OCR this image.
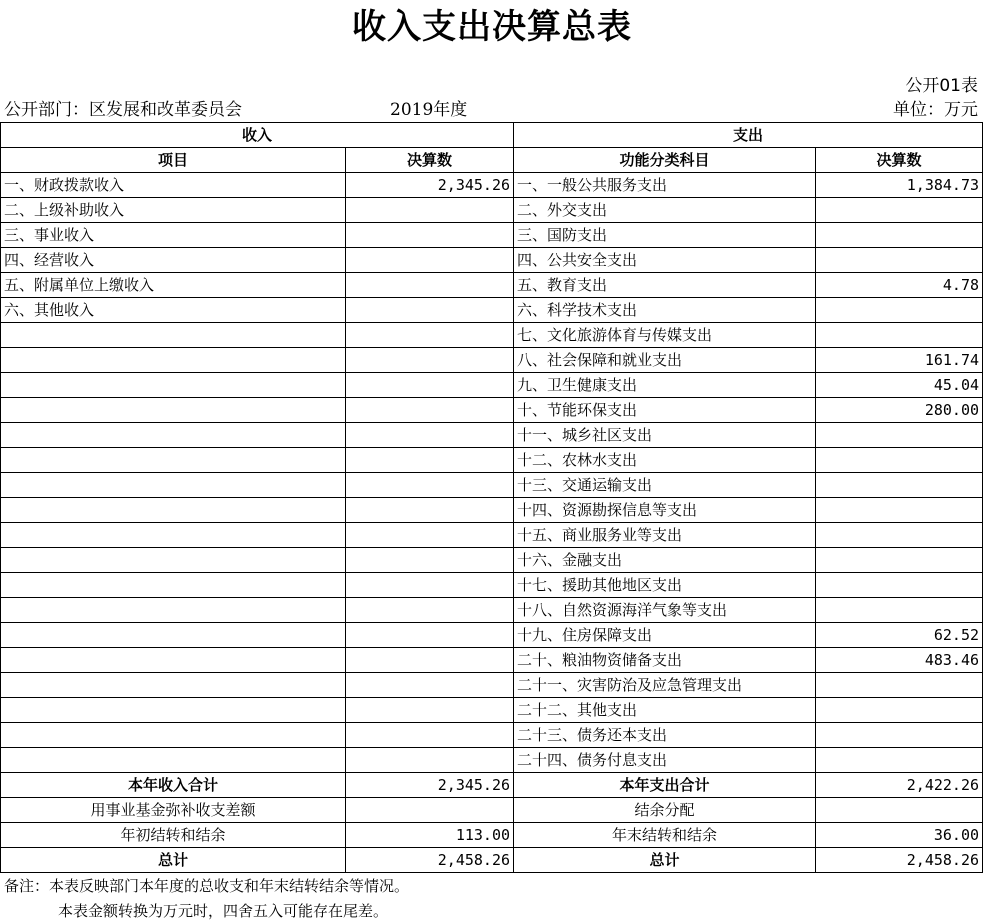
收入支出决算总表
公开01表
公开部门：区发展和改革委员会	2019年度	单位：万元
收入		支出	
项目	决算数	功能分类科目	决算数
一、财政拨款收入	2,345.26	一、一般公共服务支出	1,384.73
二、上级补助收入		二、外交支出	
三、事业收入		三、国防支出	
四、经营收入		四、公共安全支出	
五、附属单位上缴收入		五、教育支出	4.78
六、其他收入		六、科学技术支出	
		七、文化旅游体育与传媒支出	
		八、社会保障和就业支出	161.74
		九、卫生健康支出	45.04
		十、节能环保支出	280.00
		十一、城乡社区支出	
		十二、农林水支出	
		十三、交通运输支出	
		十四、资源勘探信息等支出	
		十五、商业服务业等支出	
		十六、金融支出	
		十七、援助其他地区支出	
		十八、自然资源海洋气象等支出	
		十九、住房保障支出	62.52
		二十、粮油物资储备支出	483.46
		二十一、灾害防治及应急管理支出	
		二十二、其他支出	
		二十三、债务还本支出	
		二十四、债务付息支出	
本年收入合计	2,345.26	本年支出合计	2,422.26
用事业基金弥补收支差额		结余分配	
年初结转和结余	113.00	年末结转和结余	36.00
总计	2,458.26	总计	2,458.26
备注：本表反映部门本年度的总收支和年末结转结余等情况。
本表金额转换为万元时，四舍五入可能存在尾差。
